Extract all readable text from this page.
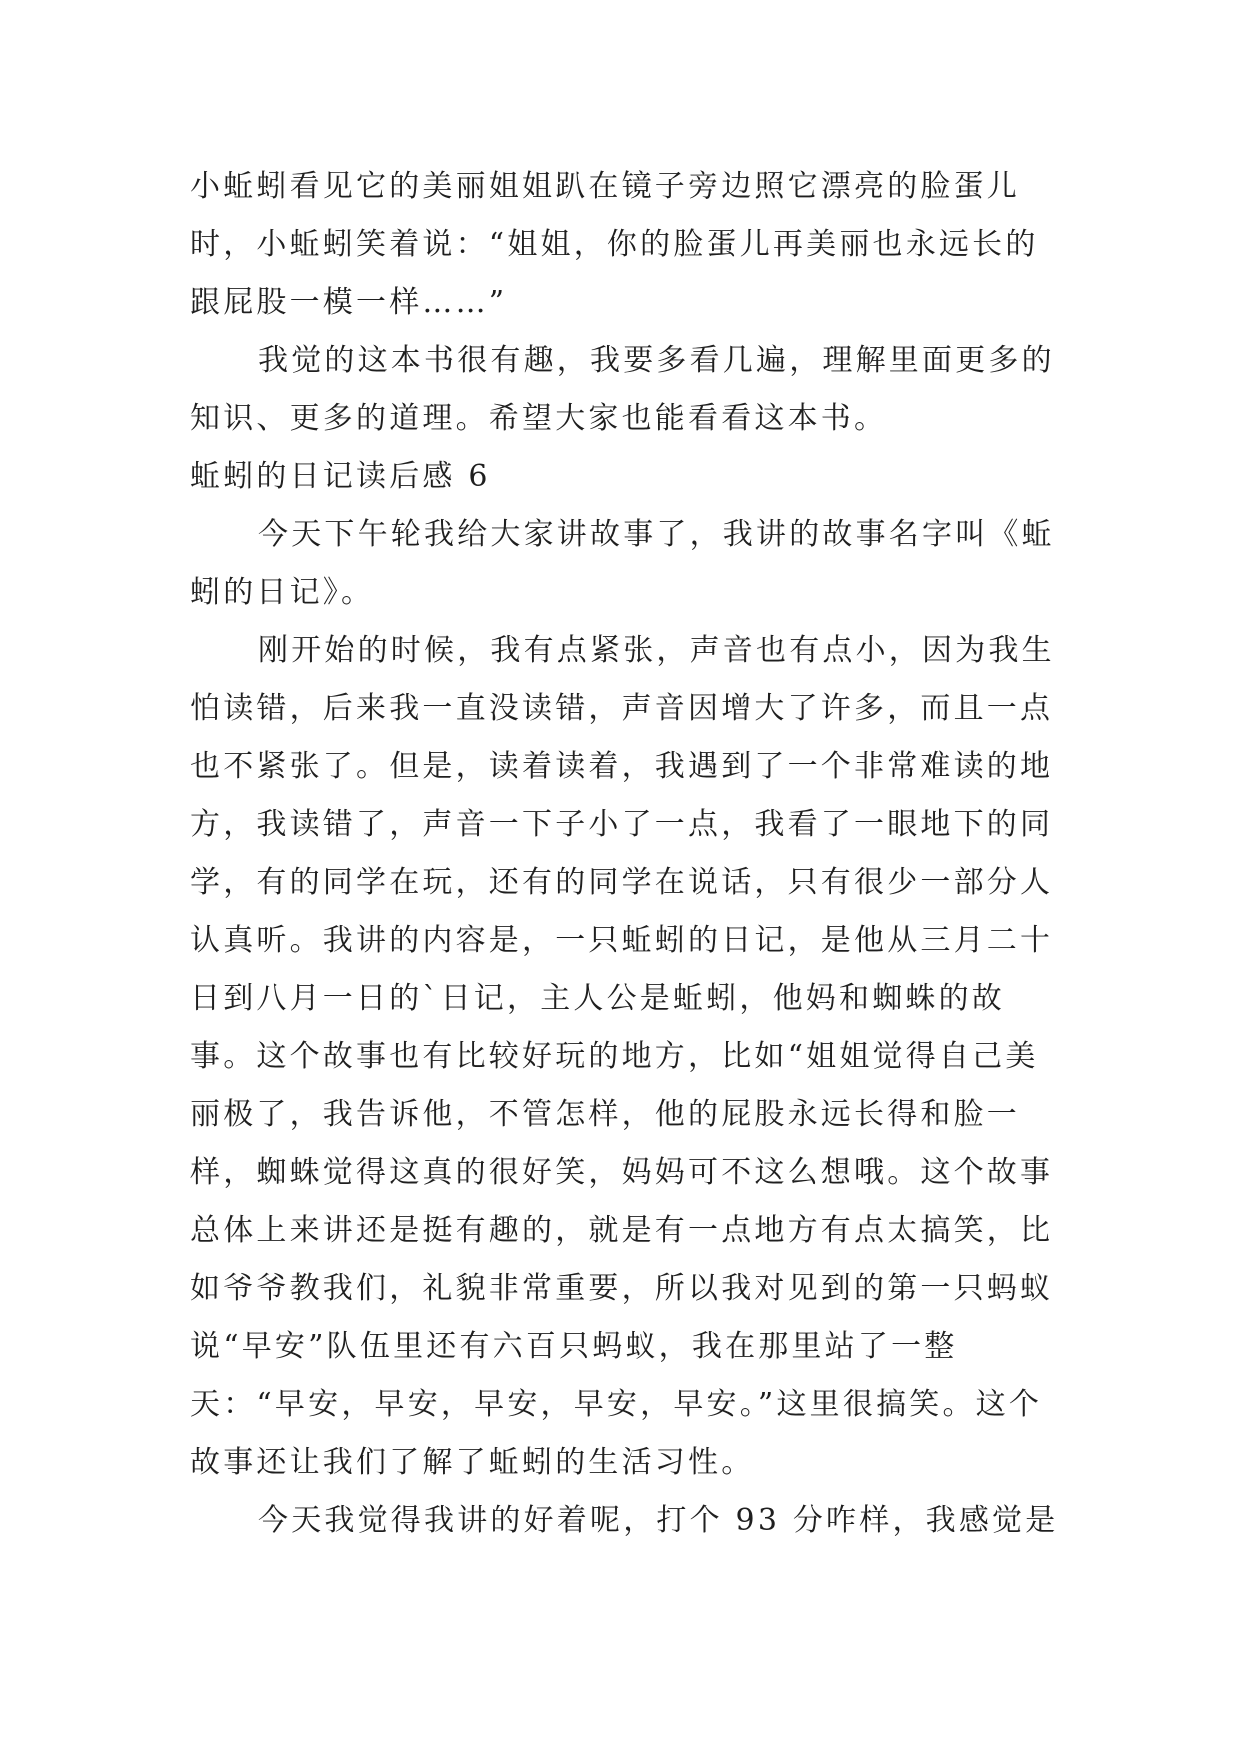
小蚯蚓看见它的美丽姐姐趴在镜子旁边照它漂亮的脸蛋儿时，小蚯蚓笑着说：“姐姐，你的脸蛋儿再美丽也永远长的跟屁股一模一样……”

我觉的这本书很有趣，我要多看几遍，理解里面更多的知识、更多的道理。希望大家也能看看这本书。

蚯蚓的日记读后感 6

今天下午轮我给大家讲故事了，我讲的故事名字叫《蚯蚓的日记》。

刚开始的时候，我有点紧张，声音也有点小，因为我生怕读错，后来我一直没读错，声音因增大了许多，而且一点也不紧张了。但是，读着读着，我遇到了一个非常难读的地方，我读错了，声音一下子小了一点，我看了一眼地下的同学，有的同学在玩，还有的同学在说话，只有很少一部分人认真听。我讲的内容是，一只蚯蚓的日记，是他从三月二十日到八月一日的`日记，主人公是蚯蚓，他妈和蜘蛛的故事。这个故事也有比较好玩的地方，比如“姐姐觉得自己美丽极了，我告诉他，不管怎样，他的屁股永远长得和脸一样，蜘蛛觉得这真的很好笑，妈妈可不这么想哦。这个故事总体上来讲还是挺有趣的，就是有一点地方有点太搞笑，比如爷爷教我们，礼貌非常重要，所以我对见到的第一只蚂蚁说“早安”队伍里还有六百只蚂蚁，我在那里站了一整天：“早安，早安，早安，早安，早安。”这里很搞笑。这个故事还让我们了解了蚯蚓的生活习性。

今天我觉得我讲的好着呢，打个 93 分咋样，我感觉是
